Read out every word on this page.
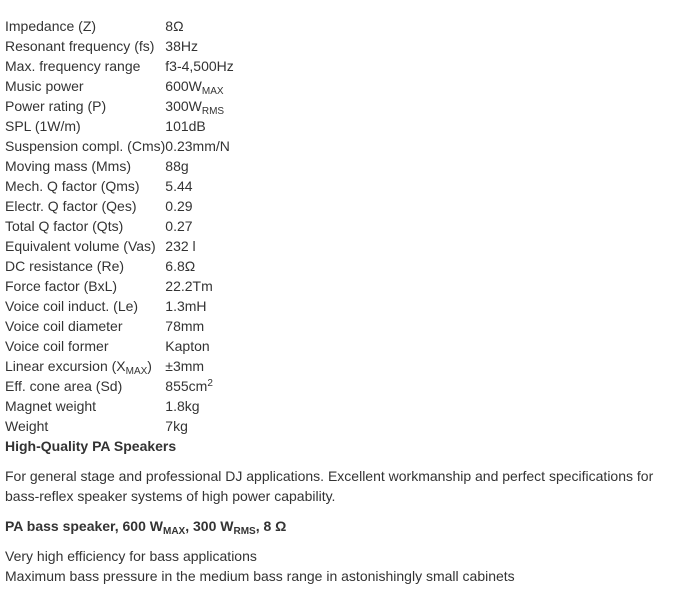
Impedance (Z)	8Ω
Resonant frequency (fs)	38Hz
Max. frequency range	f3-4,500Hz
Music power	$600W_{MAX}$
Power rating (P)	$300W_{RMS}$
SPL (1W/m)	101dB
Suspension compl. (Cms)	0.23mm/N
Moving mass (Mms)	88g
Mech. Q factor (Qms)	5.44
Electr. Q factor (Qes)	0.29
Total Q factor (Qts)	0.27
Equivalent volume (Vas)	232 l
DC resistance (Re)	6.8Ω
Force factor (BxL)	22.2Tm
Voice coil induct. (Le)	1.3mH
Voice coil diameter	78mm
Voice coil former	Kapton
Linear excursion $(X_{MAX})$	±3mm
Eff. cone area (Sd)	$855cm^2$
Magnet weight	1.8kg
Weight	7kg
High-Quality PA Speakers
For general stage and professional DJ applications. Excellent workmanship and perfect specifications for bass-reflex speaker systems of high power capability.
PA bass speaker, 600 $W_{MAX}$, 300 $W_{RMS}$, 8 Ω
Very high efficiency for bass applications
Maximum bass pressure in the medium bass range in astonishingly small cabinets
